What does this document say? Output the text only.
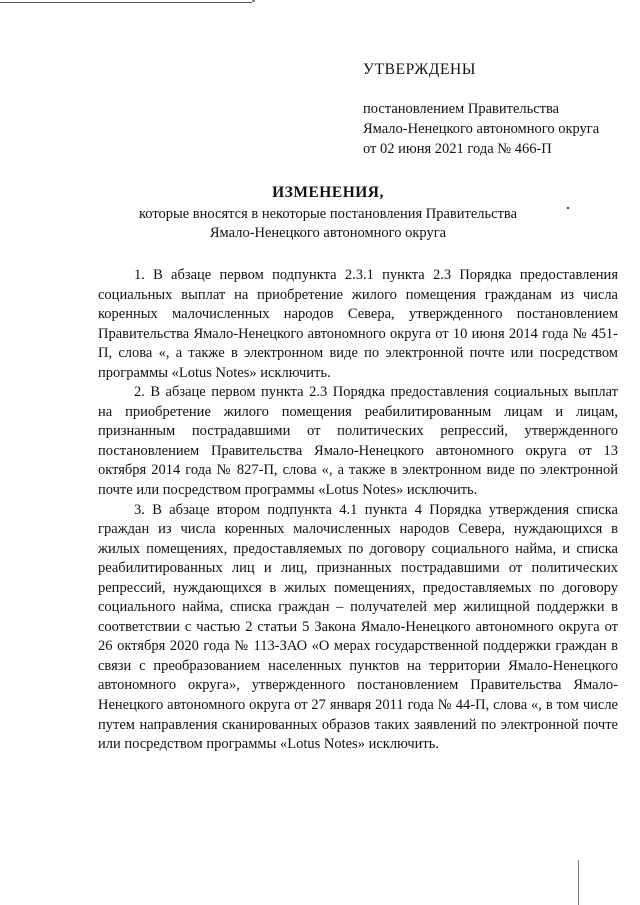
УТВЕРЖДЕНЫ
постановлением Правительства
Ямало-Ненецкого автономного округа
от 02 июня 2021 года № 466-П
ИЗМЕНЕНИЯ,
которые вносятся в некоторые постановления Правительства
Ямало-Ненецкого автономного округа

1. В абзаце первом подпункта 2.3.1 пункта 2.3 Порядка предоставления социальных выплат на приобретение жилого помещения гражданам из числа коренных малочисленных народов Севера, утвержденного постановлением Правительства Ямало-Ненецкого автономного округа от 10 июня 2014 года № 451-П, слова «, а также в электронном виде по электронной почте или посредством программы «Lotus Notes» исключить.

2. В абзаце первом пункта 2.3 Порядка предоставления социальных выплат на приобретение жилого помещения реабилитированным лицам и лицам, признанным пострадавшими от политических репрессий, утвержденного постановлением Правительства Ямало-Ненецкого автономного округа от 13 октября 2014 года № 827-П, слова «, а также в электронном виде по электронной почте или посредством программы «Lotus Notes» исключить.

3. В абзаце втором подпункта 4.1 пункта 4 Порядка утверждения списка граждан из числа коренных малочисленных народов Севера, нуждающихся в жилых помещениях, предоставляемых по договору социального найма, и списка реабилитированных лиц и лиц, признанных пострадавшими от политических репрессий, нуждающихся в жилых помещениях, предоставляемых по договору социального найма, списка граждан – получателей мер жилищной поддержки в соответствии с частью 2 статьи 5 Закона Ямало-Ненецкого автономного округа от 26 октября 2020 года № 113-ЗАО «О мерах государственной поддержки граждан в связи с преобразованием населенных пунктов на территории Ямало-Ненецкого автономного округа», утвержденного постановлением Правительства Ямало-Ненецкого автономного округа от 27 января 2011 года № 44-П, слова «, в том числе путем направления сканированных образов таких заявлений по электронной почте или посредством программы «Lotus Notes» исключить.
